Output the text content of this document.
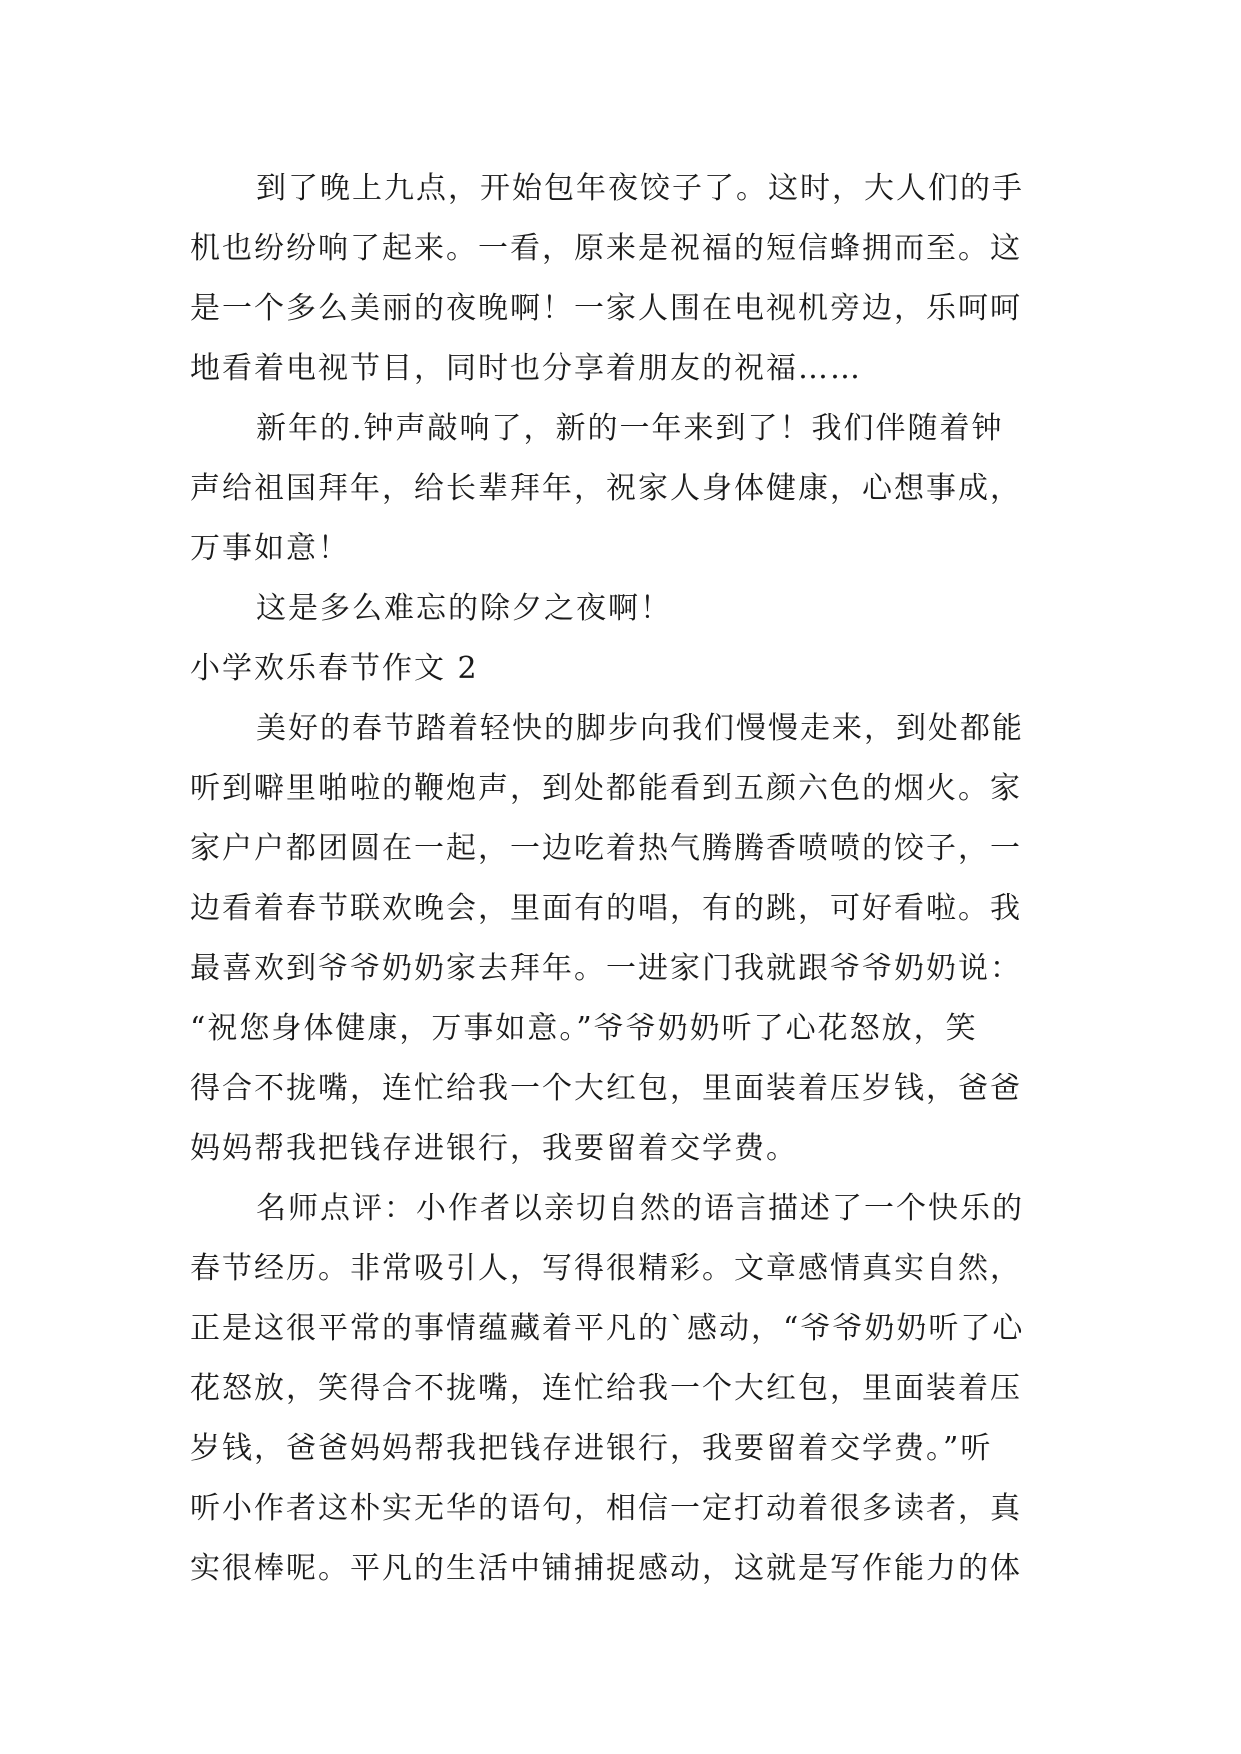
到了晚上九点，开始包年夜饺子了。这时，大人们的手
机也纷纷响了起来。一看，原来是祝福的短信蜂拥而至。这
是一个多么美丽的夜晚啊！一家人围在电视机旁边，乐呵呵
地看着电视节目，同时也分享着朋友的祝福……
新年的.钟声敲响了，新的一年来到了！我们伴随着钟
声给祖国拜年，给长辈拜年，祝家人身体健康，心想事成，
万事如意！
这是多么难忘的除夕之夜啊！
小学欢乐春节作文 2
美好的春节踏着轻快的脚步向我们慢慢走来，到处都能
听到噼里啪啦的鞭炮声，到处都能看到五颜六色的烟火。家
家户户都团圆在一起，一边吃着热气腾腾香喷喷的饺子，一
边看着春节联欢晚会，里面有的唱，有的跳，可好看啦。我
最喜欢到爷爷奶奶家去拜年。一进家门我就跟爷爷奶奶说：
“祝您身体健康，万事如意。”爷爷奶奶听了心花怒放，笑
得合不拢嘴，连忙给我一个大红包，里面装着压岁钱，爸爸
妈妈帮我把钱存进银行，我要留着交学费。
名师点评：小作者以亲切自然的语言描述了一个快乐的
春节经历。非常吸引人，写得很精彩。文章感情真实自然，
正是这很平常的事情蕴藏着平凡的`感动，“爷爷奶奶听了心
花怒放，笑得合不拢嘴，连忙给我一个大红包，里面装着压
岁钱，爸爸妈妈帮我把钱存进银行，我要留着交学费。”听
听小作者这朴实无华的语句，相信一定打动着很多读者，真
实很棒呢。平凡的生活中铺捕捉感动，这就是写作能力的体
